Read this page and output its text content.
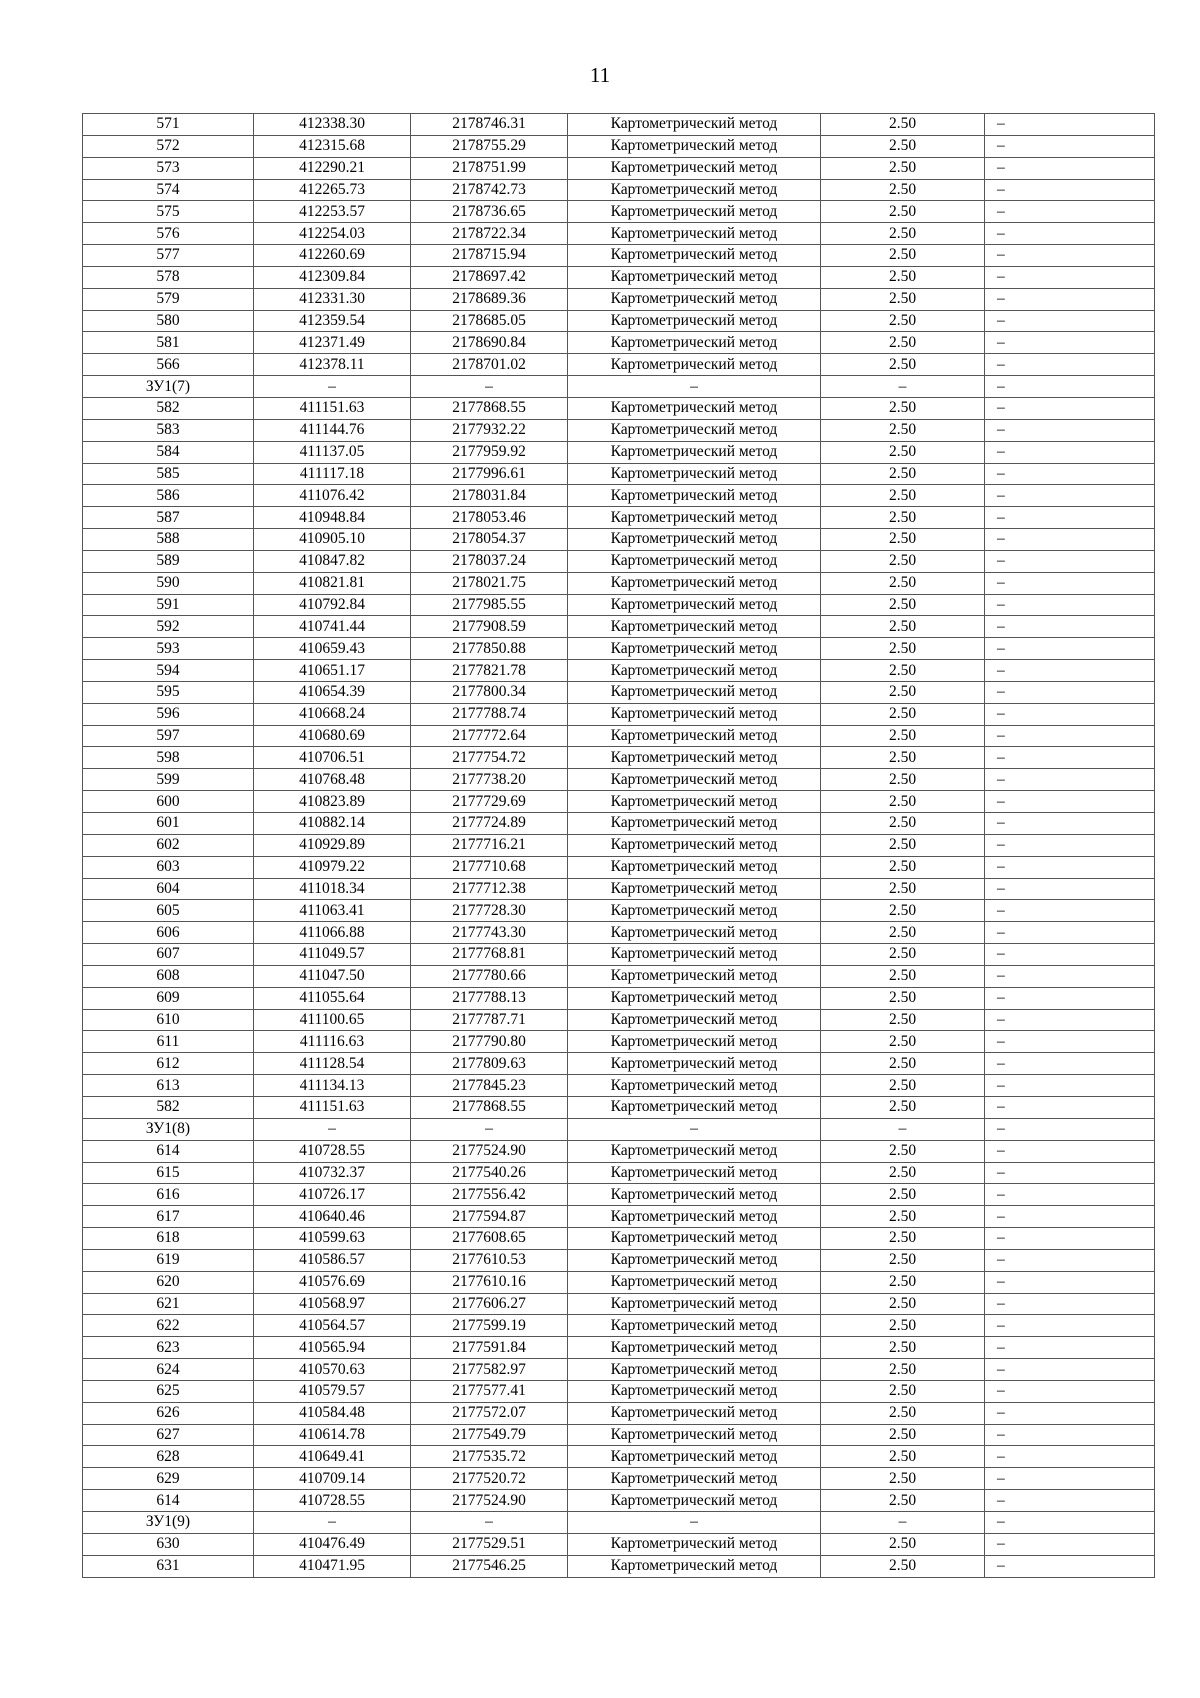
11
571	412338.30	2178746.31	Картометрический метод	2.50	–
572	412315.68	2178755.29	Картометрический метод	2.50	–
573	412290.21	2178751.99	Картометрический метод	2.50	–
574	412265.73	2178742.73	Картометрический метод	2.50	–
575	412253.57	2178736.65	Картометрический метод	2.50	–
576	412254.03	2178722.34	Картометрический метод	2.50	–
577	412260.69	2178715.94	Картометрический метод	2.50	–
578	412309.84	2178697.42	Картометрический метод	2.50	–
579	412331.30	2178689.36	Картометрический метод	2.50	–
580	412359.54	2178685.05	Картометрический метод	2.50	–
581	412371.49	2178690.84	Картометрический метод	2.50	–
566	412378.11	2178701.02	Картометрический метод	2.50	–
ЗУ1(7)	–	–	–	–	–
582	411151.63	2177868.55	Картометрический метод	2.50	–
583	411144.76	2177932.22	Картометрический метод	2.50	–
584	411137.05	2177959.92	Картометрический метод	2.50	–
585	411117.18	2177996.61	Картометрический метод	2.50	–
586	411076.42	2178031.84	Картометрический метод	2.50	–
587	410948.84	2178053.46	Картометрический метод	2.50	–
588	410905.10	2178054.37	Картометрический метод	2.50	–
589	410847.82	2178037.24	Картометрический метод	2.50	–
590	410821.81	2178021.75	Картометрический метод	2.50	–
591	410792.84	2177985.55	Картометрический метод	2.50	–
592	410741.44	2177908.59	Картометрический метод	2.50	–
593	410659.43	2177850.88	Картометрический метод	2.50	–
594	410651.17	2177821.78	Картометрический метод	2.50	–
595	410654.39	2177800.34	Картометрический метод	2.50	–
596	410668.24	2177788.74	Картометрический метод	2.50	–
597	410680.69	2177772.64	Картометрический метод	2.50	–
598	410706.51	2177754.72	Картометрический метод	2.50	–
599	410768.48	2177738.20	Картометрический метод	2.50	–
600	410823.89	2177729.69	Картометрический метод	2.50	–
601	410882.14	2177724.89	Картометрический метод	2.50	–
602	410929.89	2177716.21	Картометрический метод	2.50	–
603	410979.22	2177710.68	Картометрический метод	2.50	–
604	411018.34	2177712.38	Картометрический метод	2.50	–
605	411063.41	2177728.30	Картометрический метод	2.50	–
606	411066.88	2177743.30	Картометрический метод	2.50	–
607	411049.57	2177768.81	Картометрический метод	2.50	–
608	411047.50	2177780.66	Картометрический метод	2.50	–
609	411055.64	2177788.13	Картометрический метод	2.50	–
610	411100.65	2177787.71	Картометрический метод	2.50	–
611	411116.63	2177790.80	Картометрический метод	2.50	–
612	411128.54	2177809.63	Картометрический метод	2.50	–
613	411134.13	2177845.23	Картометрический метод	2.50	–
582	411151.63	2177868.55	Картометрический метод	2.50	–
ЗУ1(8)	–	–	–	–	–
614	410728.55	2177524.90	Картометрический метод	2.50	–
615	410732.37	2177540.26	Картометрический метод	2.50	–
616	410726.17	2177556.42	Картометрический метод	2.50	–
617	410640.46	2177594.87	Картометрический метод	2.50	–
618	410599.63	2177608.65	Картометрический метод	2.50	–
619	410586.57	2177610.53	Картометрический метод	2.50	–
620	410576.69	2177610.16	Картометрический метод	2.50	–
621	410568.97	2177606.27	Картометрический метод	2.50	–
622	410564.57	2177599.19	Картометрический метод	2.50	–
623	410565.94	2177591.84	Картометрический метод	2.50	–
624	410570.63	2177582.97	Картометрический метод	2.50	–
625	410579.57	2177577.41	Картометрический метод	2.50	–
626	410584.48	2177572.07	Картометрический метод	2.50	–
627	410614.78	2177549.79	Картометрический метод	2.50	–
628	410649.41	2177535.72	Картометрический метод	2.50	–
629	410709.14	2177520.72	Картометрический метод	2.50	–
614	410728.55	2177524.90	Картометрический метод	2.50	–
ЗУ1(9)	–	–	–	–	–
630	410476.49	2177529.51	Картометрический метод	2.50	–
631	410471.95	2177546.25	Картометрический метод	2.50	–
